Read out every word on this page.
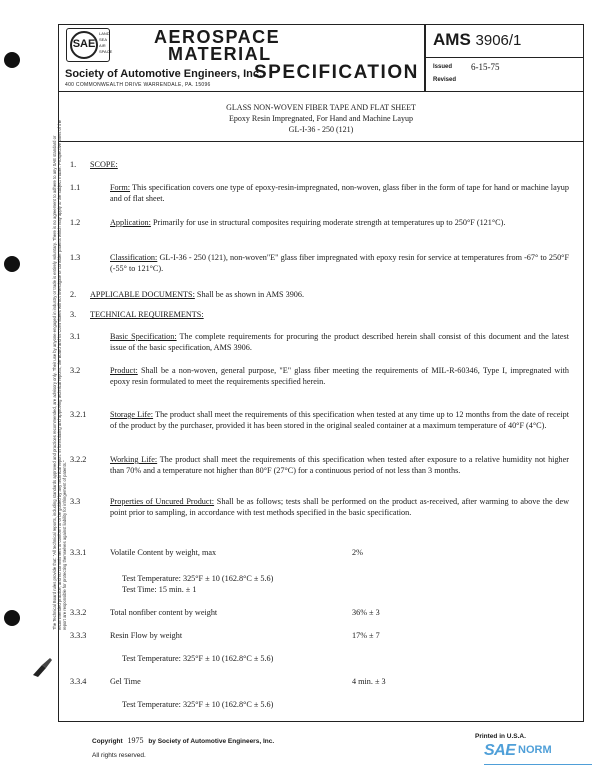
SAE
LAND
SEA
AIR
SPACE
AEROSPACE
MATERIAL
SPECIFICATION
Society of Automotive Engineers, Inc.
400 COMMONWEALTH DRIVE WARRENDALE, PA. 15096
AMS 3906/1
Issued 6-15-75
Revised
GLASS NON-WOVEN FIBER TAPE AND FLAT SHEET
Epoxy Resin Impregnated, For Hand and Machine Layup
GL-I-36 - 250 (121)
1. SCOPE:
1.1	Form: This specification covers one type of epoxy-resin-impregnated, non-woven, glass fiber in the form of tape for hand or machine layup and of flat sheet.
1.2	Application: Primarily for use in structural composites requiring moderate strength at temperatures up to 250°F (121°C).
1.3	Classification: GL-I-36 - 250 (121), non-woven"E" glass fiber impregnated with epoxy resin for service at temperatures from -67° to 250°F (-55° to 121°C).
2. APPLICABLE DOCUMENTS: Shall be as shown in AMS 3906.
3. TECHNICAL REQUIREMENTS:
3.1	Basic Specification: The complete requirements for procuring the product described herein shall consist of this document and the latest issue of the basic specification, AMS 3906.
3.2	Product: Shall be a non-woven, general purpose, "E" glass fiber meeting the requirements of MIL-R-60346, Type I, impregnated with epoxy resin formulated to meet the requirements specified herein.
3.2.1	Storage Life: The product shall meet the requirements of this specification when tested at any time up to 12 months from the date of receipt of the product by the purchaser, provided it has been stored in the original sealed container at a maximum temperature of 40°F (4°C).
3.2.2	Working Life: The product shall meet the requirements of this specification when tested after exposure to a relative humidity not higher than 70% and a temperature not higher than 80°F (27°C) for a continuous period of not less than 3 months.
3.3	Properties of Uncured Product: Shall be as follows; tests shall be performed on the product as-received, after warming to above the dew point prior to sampling, in accordance with test methods specified in the basic specification.
3.3.1	Volatile Content by weight, max	2%
Test Temperature: 325°F ± 10 (162.8°C ± 5.6)
Test Time: 15 min. ± 1
3.3.2	Total nonfiber content by weight	36% ± 3
3.3.3	Resin Flow by weight	17% ± 7
Test Temperature: 325°F ± 10 (162.8°C ± 5.6)
3.3.4	Gel Time	4 min. ± 3
Test Temperature: 325°F ± 10 (162.8°C ± 5.6)
The Technical Board rules provide that: "All technical reports, including standards approved and practices recommended, are advisory only. Their use by anyone engaged in industry or trade is entirely voluntary. There is no agreement to adhere to any SAE standard or recommended practice, and no commitment to conform to or be guided by any technical report. In formulating and approving technical reports, the Board and its Committees will not investigate or consider patents which may apply to the subject matter. Prospective users of the report are responsible for protecting themselves against liability for infringement of patents."
Copyright 1975 by Society of Automotive Engineers, Inc.
All rights reserved.
Printed in U.S.A.
SAE NORM
